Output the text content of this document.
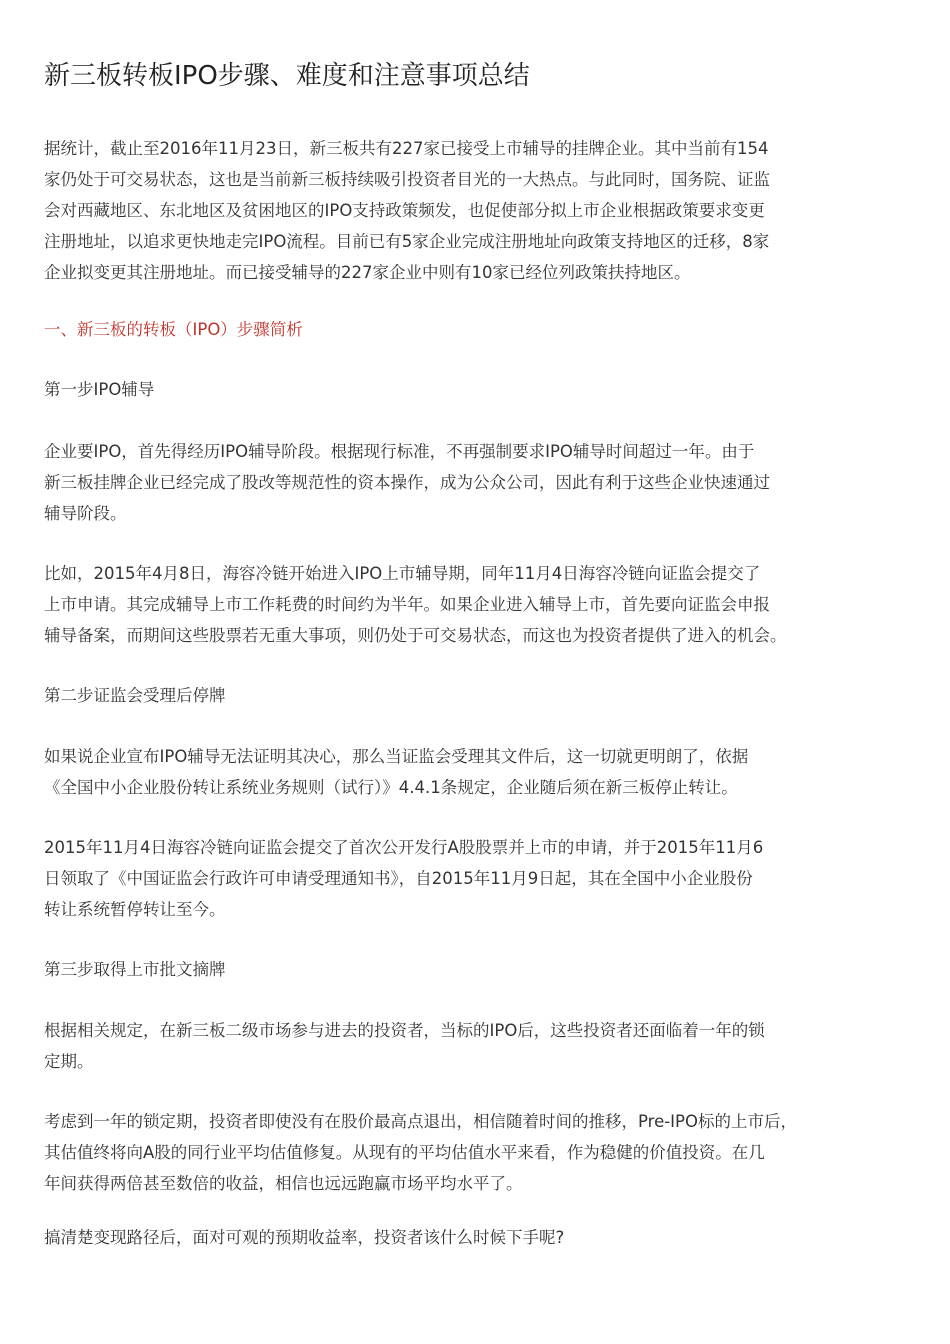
新三板转板IPO步骤、难度和注意事项总结

据统计，截止至2016年11月23日，新三板共有227家已接受上市辅导的挂牌企业。其中当前有154
家仍处于可交易状态，这也是当前新三板持续吸引投资者目光的一大热点。与此同时，国务院、证监
会对西藏地区、东北地区及贫困地区的IPO支持政策频发，也促使部分拟上市企业根据政策要求变更
注册地址，以追求更快地走完IPO流程。目前已有5家企业完成注册地址向政策支持地区的迁移，8家
企业拟变更其注册地址。而已接受辅导的227家企业中则有10家已经位列政策扶持地区。

一、新三板的转板（IPO）步骤简析
第一步IPO辅导

企业要IPO，首先得经历IPO辅导阶段。根据现行标准，不再强制要求IPO辅导时间超过一年。由于
新三板挂牌企业已经完成了股改等规范性的资本操作，成为公众公司，因此有利于这些企业快速通过
辅导阶段。

比如，2015年4月8日，海容冷链开始进入IPO上市辅导期，同年11月4日海容冷链向证监会提交了
上市申请。其完成辅导上市工作耗费的时间约为半年。如果企业进入辅导上市，首先要向证监会申报
辅导备案，而期间这些股票若无重大事项，则仍处于可交易状态，而这也为投资者提供了进入的机会。

第二步证监会受理后停牌

如果说企业宣布IPO辅导无法证明其决心，那么当证监会受理其文件后，这一切就更明朗了，依据
《全国中小企业股份转让系统业务规则（试行）》4.4.1条规定，企业随后须在新三板停止转让。

2015年11月4日海容冷链向证监会提交了首次公开发行A股股票并上市的申请，并于2015年11月6
日领取了《中国证监会行政许可申请受理通知书》，自2015年11月9日起，其在全国中小企业股份
转让系统暂停转让至今。

第三步取得上市批文摘牌

根据相关规定，在新三板二级市场参与进去的投资者，当标的IPO后，这些投资者还面临着一年的锁
定期。

考虑到一年的锁定期，投资者即使没有在股价最高点退出，相信随着时间的推移，Pre-IPO标的上市后，
其估值终将向A股的同行业平均估值修复。从现有的平均估值水平来看，作为稳健的价值投资。在几
年间获得两倍甚至数倍的收益，相信也远远跑赢市场平均水平了。

搞清楚变现路径后，面对可观的预期收益率，投资者该什么时候下手呢?
